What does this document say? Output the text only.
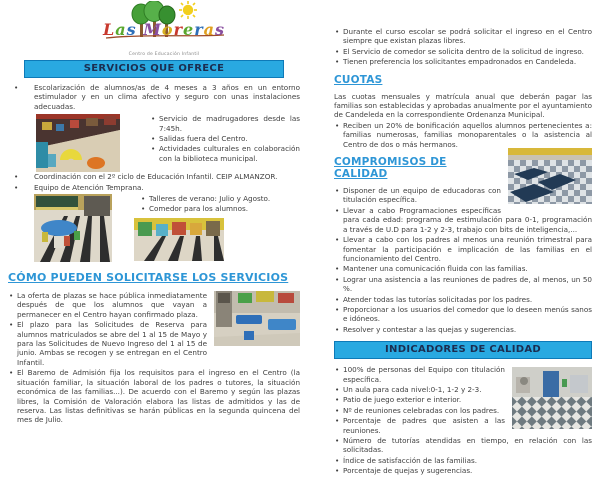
Las Moreras
Centro de Educación Infantil
SERVICIOS QUE OFRECE
• Escolarización de alumnos/as de 4 meses a 3 años en un entorno estimulador y en un clima afectivo y seguro con unas instalaciones adecuadas.
• Servicio de madrugadores desde las 7:45h.
• Salidas fuera del Centro.
• Actividades culturales en colaboración con la biblioteca municipal.
• Coordinación con el 2º ciclo de Educación Infantil. CEIP ALMANZOR.
• Equipo de Atención Temprana.
• Talleres de verano: Julio y Agosto.
• Comedor para los alumnos.
CÓMO PUEDEN SOLICITARSE LOS SERVICIOS
• La oferta de plazas se hace pública inmediatamente después de que los alumnos que vayan a permanecer en el Centro hayan confirmado plaza.
• El plazo para las Solicitudes de Reserva para alumnos matriculados se abre del 1 al 15 de Mayo y para las Solicitudes de Nuevo Ingreso del 1 al 15 de junio. Ambas se recogen y se entregan en el Centro Infantil.
• El Baremo de Admisión fija los requisitos para el ingreso en el Centro (la situación familiar, la situación laboral de los padres o tutores, la situación económica de las familias...). De acuerdo con el Baremo y según las plazas libres, la Comisión de Valoración elabora las listas de admitidos y las de reserva. Las listas definitivas se harán públicas en la segunda quincena del mes de Julio.
• Durante el curso escolar se podrá solicitar el ingreso en el Centro siempre que existan plazas libres.
• El Servicio de comedor se solicita dentro de la solicitud de ingreso.
• Tienen preferencia los solicitantes empadronados en Candeleda.
CUOTAS

Las cuotas mensuales y matrícula anual que deberán pagar las familias son establecidas y aprobadas anualmente por el ayuntamiento de Candeleda en la correspondiente Ordenanza Municipal.

• Reciben un 20% de bonificación aquellos alumnos pertenecientes a: familias numerosas, familias monoparentales o la asistencia al Centro de dos o más hermanos.
COMPROMISOS DE CALIDAD
• Disponer de un equipo de educadoras con titulación específica.
• Llevar a cabo Programaciones específicas para cada edad: programa de estimulación para 0-1, programación a través de U.D para 1-2 y 2-3, trabajo con bits de inteligencia,...
• Llevar a cabo con los padres al menos una reunión trimestral para fomentar la participación e implicación de las familias en el funcionamiento del Centro.
• Mantener una comunicación fluida con las familias.
• Lograr una asistencia a las reuniones de padres de, al menos, un 50 %.
• Atender todas las tutorías solicitadas por los padres.
• Proporcionar a los usuarios del comedor que lo deseen menús sanos e idóneos.
• Resolver y contestar a las quejas y sugerencias.
INDICADORES DE CALIDAD
• 100% de personas del Equipo con titulación específica.
• Un aula para cada nivel:0-1, 1-2 y 2-3.
• Patio de juego exterior e interior.
• Nº de reuniones celebradas con los padres.
• Porcentaje de padres que asisten a las reuniones.
• Número de tutorías atendidas en tiempo, en relación con las solicitadas.
• Índice de satisfacción de las familias.
• Porcentaje de quejas y sugerencias.
